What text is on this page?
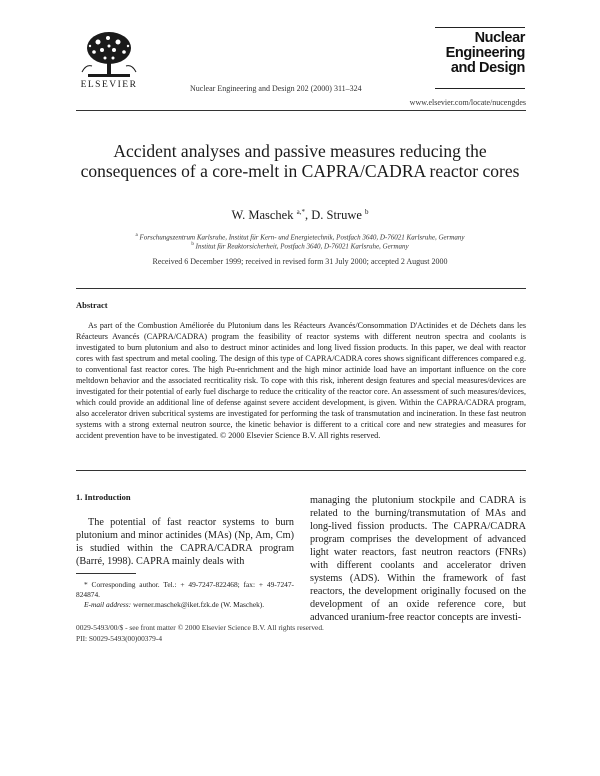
ELSEVIER	Nuclear Engineering and Design 202 (2000) 311–324
Nuclear
Engineering
and Design
www.elsevier.com/locate/nucengdes
Accident analyses and passive measures reducing the consequences of a core-melt in CAPRA/CADRA reactor cores
W. Maschek $^{a,*}$, D. Struwe $^b$
$^a$ Forschungszentrum Karlsruhe, Institut für Kern- und Energietechnik, Postfach 3640, D-76021 Karlsruhe, Germany
$^b$ Institut für Reaktorsicherheit, Postfach 3640, D-76021 Karlsruhe, Germany
Received 6 December 1999; received in revised form 31 July 2000; accepted 2 August 2000
Abstract
As part of the Combustion Améliorée du Plutonium dans les Réacteurs Avancés/Consommation D'Actinides et de Déchets dans les Réacteurs Avancés (CAPRA/CADRA) program the feasibility of reactor systems with different neutron spectra and coolants is investigated to burn plutonium and also to destruct minor actinides and long lived fission products. In this paper, we deal with reactor cores with fast spectrum and metal cooling. The design of this type of CAPRA/CADRA cores shows significant differences compared e.g. to conventional fast reactor cores. The high Pu-enrichment and the high minor actinide load have an important influence on the core meltdown behavior and the associated recriticality risk. To cope with this risk, inherent design features and special measures/devices are investigated for their potential of early fuel discharge to reduce the criticality of the reactor core. An assessment of such measures/devices, which could provide an additional line of defense against severe accident development, is given. Within the CAPRA/CADRA program, also accelerator driven subcritical systems are investigated for performing the task of transmutation and incineration. In these fast neutron systems with a strong external neutron source, the kinetic behavior is different to a critical core and new strategies and measures for accident prevention have to be investigated. © 2000 Elsevier Science B.V. All rights reserved.
1. Introduction
The potential of fast reactor systems to burn plutonium and minor actinides (MAs) (Np, Am, Cm) is studied within the CAPRA/CADRA program (Barré, 1998). CAPRA mainly deals with
managing the plutonium stockpile and CADRA is related to the burning/transmutation of MAs and long-lived fission products. The CAPRA/CADRA program comprises the development of advanced light water reactors, fast neutron reactors (FNRs) with different coolants and accelerator driven systems (ADS). Within the framework of fast reactors, the development originally focused on the development of an oxide reference core, but advanced uranium-free reactor concepts are investi-
* Corresponding author. Tel.: + 49-7247-822468; fax: + 49-7247-824874.
E-mail address: werner.maschek@iket.fzk.de (W. Maschek).
0029-5493/00/$ - see front matter © 2000 Elsevier Science B.V. All rights reserved.
PII: S0029-5493(00)00379-4
